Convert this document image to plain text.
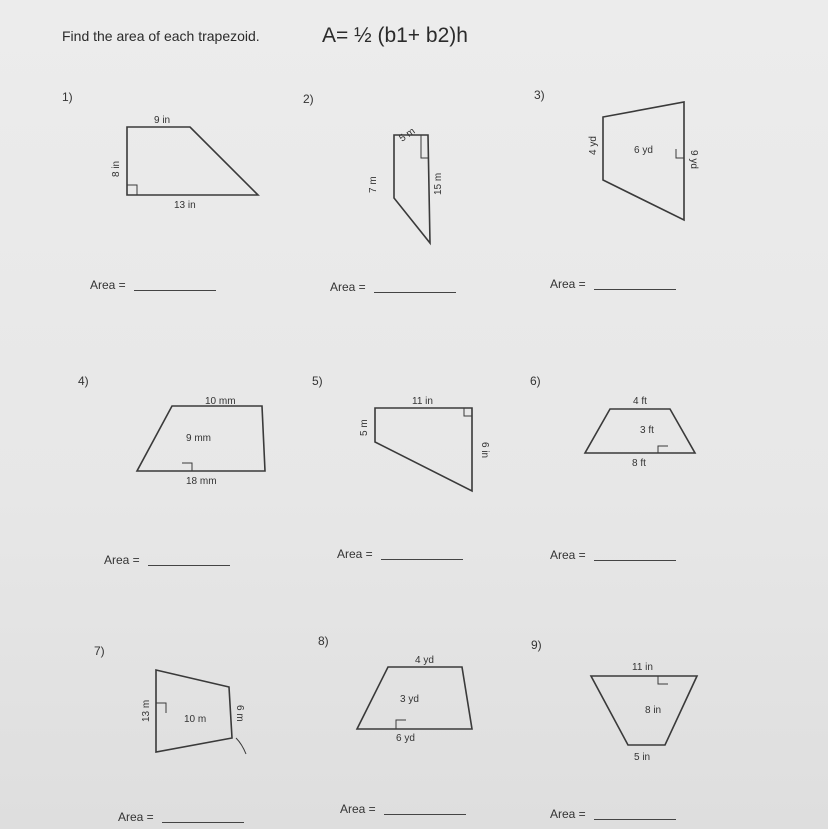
Find the area of each trapezoid.	A= ½ (b1+ b2)h
1)	2)	3)
4)	5)	6)
7)
8)	9)
Area =	Area =	Area =
Area =	Area =	Area =
Area =
Area =	Area =
9 in
8 in
13 in
5 m
7 m	15 m
4 yd	6 yd	9 yd
10 mm
9 mm
18 mm
11 in
5 m
6 in
4 ft
3 ft
8 ft
13 m	10 m	6 m
4 yd
3 yd
6 yd
11 in
8 in
5 in
